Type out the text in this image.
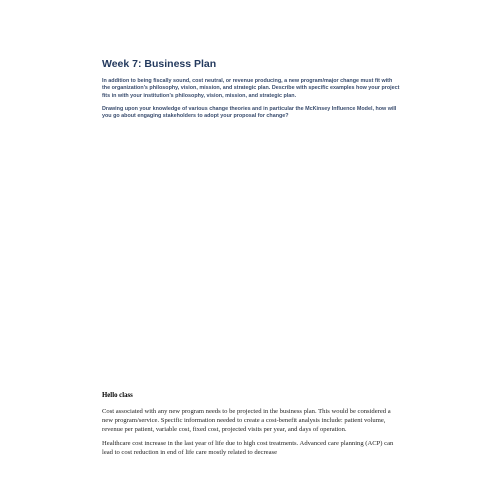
Week 7: Business Plan

In addition to being fiscally sound, cost neutral, or revenue producing, a new program/major change must fit with the organization’s philosophy, vision, mission, and strategic plan. Describe with specific examples how your project fits in with your institution’s philosophy, vision, mission, and strategic plan.

Drawing upon your knowledge of various change theories and in particular the McKinsey Influence Model, how will you go about engaging stakeholders to adopt your proposal for change?

Hello class

Cost associated with any new program needs to be projected in the business plan. This would be considered a new program/service. Specific information needed to create a cost-benefit analysis include: patient volume, revenue per patient, variable cost, fixed cost, projected visits per year, and days of operation.

Healthcare cost increase in the last year of life due to high cost treatments. Advanced care planning (ACP) can lead to cost reduction in end of life care mostly related to decrease
